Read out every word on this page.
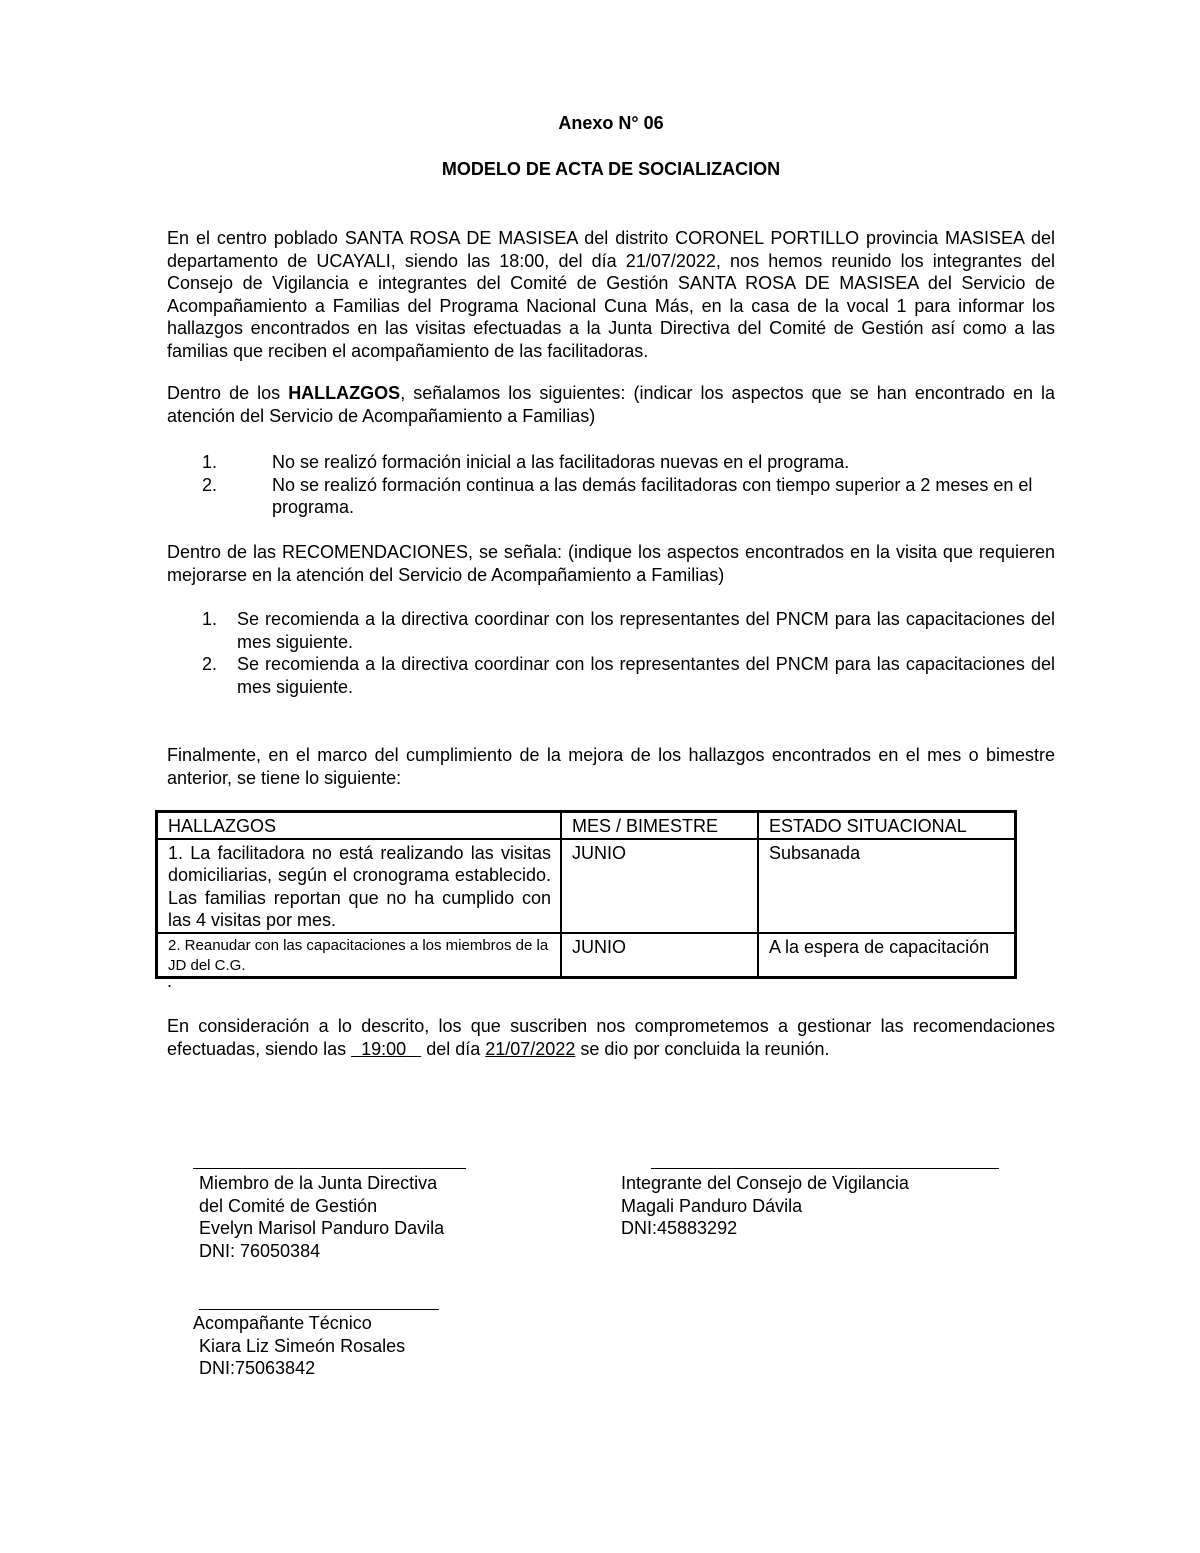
Anexo N° 06
MODELO DE ACTA DE SOCIALIZACION
En el centro poblado SANTA ROSA DE MASISEA del distrito CORONEL PORTILLO provincia MASISEA del departamento de UCAYALI, siendo las 18:00, del día 21/07/2022, nos hemos reunido los integrantes del Consejo de Vigilancia e integrantes del Comité de Gestión SANTA ROSA DE MASISEA del Servicio de Acompañamiento a Familias del Programa Nacional Cuna Más, en la casa de la vocal 1 para informar los hallazgos encontrados en las visitas efectuadas a la Junta Directiva del Comité de Gestión así como a las familias que reciben el acompañamiento de las facilitadoras.
Dentro de los HALLAZGOS, señalamos los siguientes: (indicar los aspectos que se han encontrado en la atención del Servicio de Acompañamiento a Familias)
1.	No se realizó formación inicial a las facilitadoras nuevas en el programa.
2.	No se realizó formación continua a las demás facilitadoras con tiempo superior a 2 meses en el programa.
Dentro de las RECOMENDACIONES, se señala: (indique los aspectos encontrados en la visita que requieren mejorarse en la atención del Servicio de Acompañamiento a Familias)
1. Se recomienda a la directiva coordinar con los representantes del PNCM para las capacitaciones del mes siguiente.
2. Se recomienda a la directiva coordinar con los representantes del PNCM para las capacitaciones del mes siguiente.
Finalmente, en el marco del cumplimiento de la mejora de los hallazgos encontrados en el mes o bimestre anterior, se tiene lo siguiente:
HALLAZGOS	MES / BIMESTRE	ESTADO SITUACIONAL
1. La facilitadora no está realizando las visitas domiciliarias, según el cronograma establecido. Las familias reportan que no ha cumplido con las 4 visitas por mes.	JUNIO	Subsanada
2. Reanudar con las capacitaciones a los miembros de la JD del C.G.	JUNIO	A la espera de capacitación
.
En consideración a lo descrito, los que suscriben nos comprometemos a gestionar las recomendaciones efectuadas, siendo las   19:00    del día 21/07/2022 se dio por concluida la reunión.
Miembro de la Junta Directiva
del Comité de Gestión
Evelyn Marisol Panduro Davila
DNI: 76050384
Integrante del Consejo de Vigilancia
Magali Panduro Dávila
DNI:45883292
Acompañante Técnico
Kiara Liz Simeón Rosales
DNI:75063842
